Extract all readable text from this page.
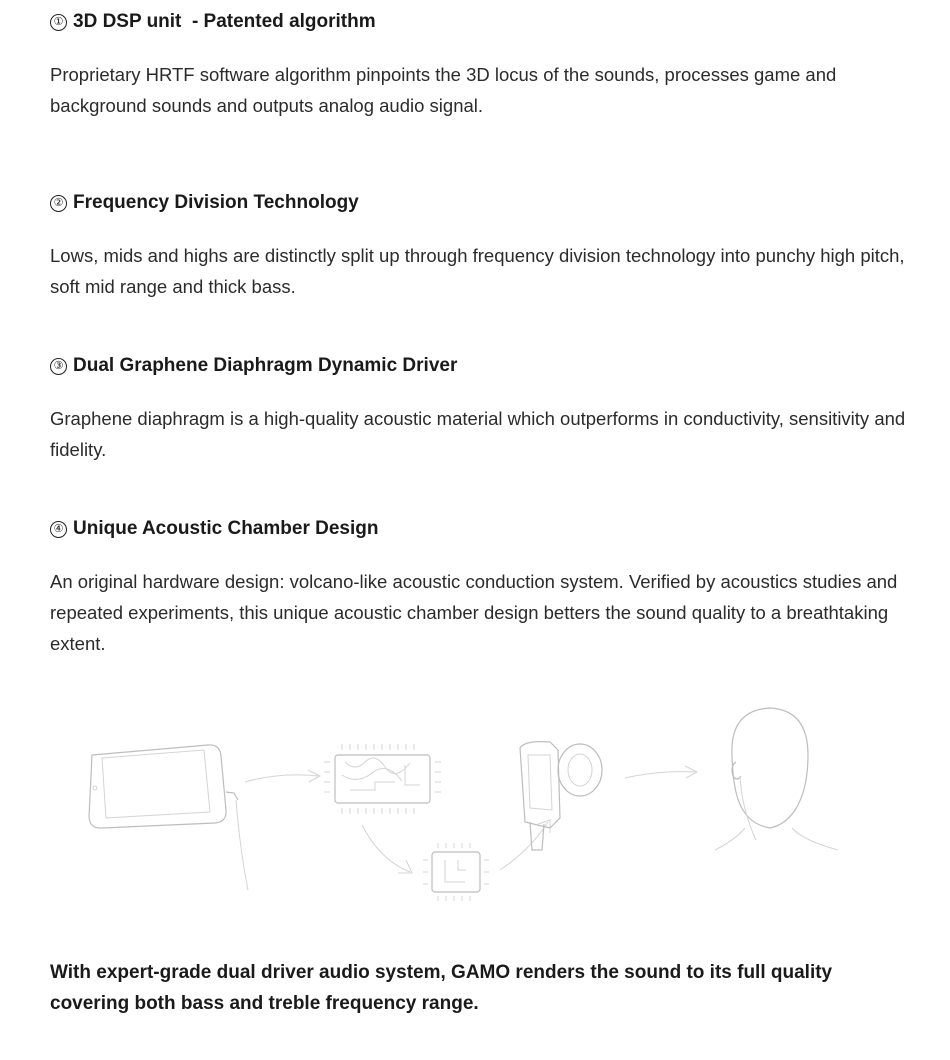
① 3D DSP unit  - Patented algorithm
Proprietary HRTF software algorithm pinpoints the 3D locus of the sounds, processes game and background sounds and outputs analog audio signal.
② Frequency Division Technology
Lows, mids and highs are distinctly split up through frequency division technology into punchy high pitch, soft mid range and thick bass.
③ Dual Graphene Diaphragm Dynamic Driver
Graphene diaphragm is a high-quality acoustic material which outperforms in conductivity, sensitivity and fidelity.
④ Unique Acoustic Chamber Design
An original hardware design: volcano-like acoustic conduction system. Verified by acoustics studies and repeated experiments, this unique acoustic chamber design betters the sound quality to a breathtaking extent.
With expert-grade dual driver audio system, GAMO renders the sound to its full quality covering both bass and treble frequency range.
